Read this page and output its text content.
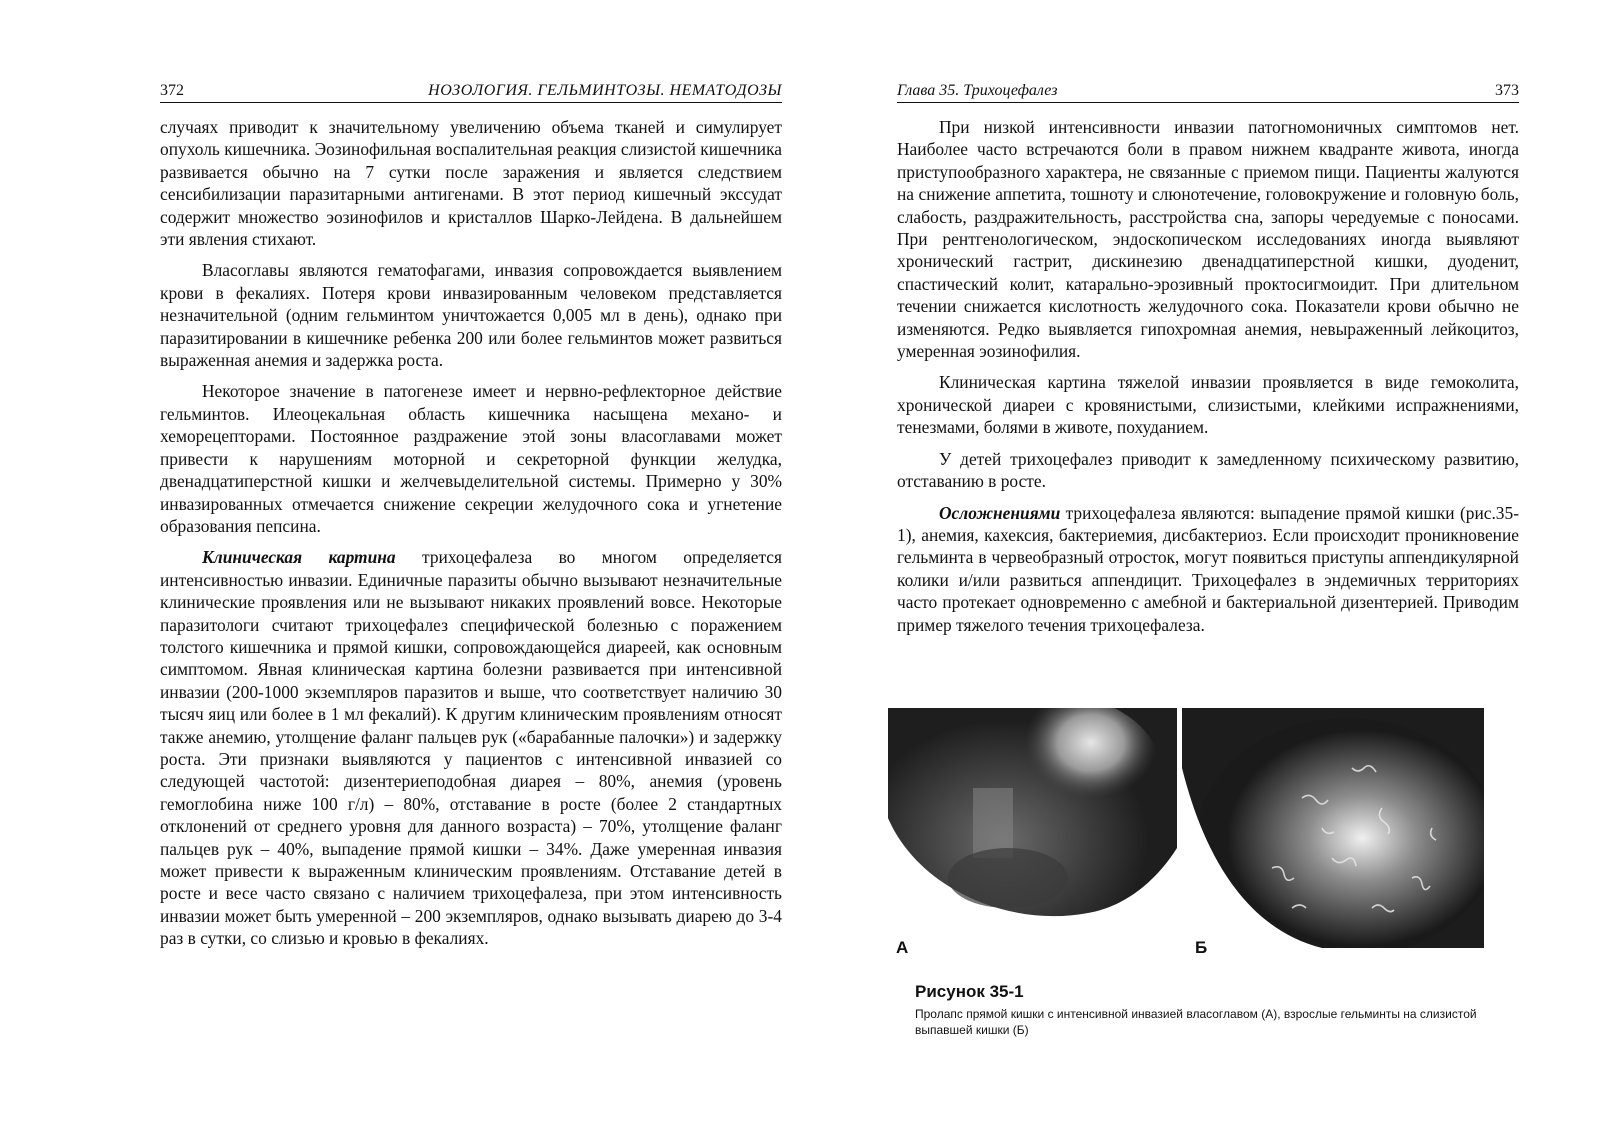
372	НОЗОЛОГИЯ. ГЕЛЬМИНТОЗЫ. НЕМАТОДОЗЫ

случаях приводит к значительному увеличению объема тканей и симулирует опухоль кишечника. Эозинофильная воспалительная реакция слизистой кишечника развивается обычно на 7 сутки после заражения и является следствием сенсибилизации паразитарными антигенами. В этот период кишечный экссудат содержит множество эозинофилов и кристаллов Шарко-Лейдена. В дальнейшем эти явления стихают.

Власоглавы являются гематофагами, инвазия сопровождается выявлением крови в фекалиях. Потеря крови инвазированным человеком представляется незначительной (одним гельминтом уничтожается 0,005 мл в день), однако при паразитировании в кишечнике ребенка 200 или более гельминтов может развиться выраженная анемия и задержка роста.

Некоторое значение в патогенезе имеет и нервно-рефлекторное действие гельминтов. Илеоцекальная область кишечника насыщена механо- и хеморецепторами. Постоянное раздражение этой зоны власоглавами может привести к нарушениям моторной и секреторной функции желудка, двенадцатиперстной кишки и желчевыделительной системы. Примерно у 30% инвазированных отмечается снижение секреции желудочного сока и угнетение образования пепсина.

Клиническая картина трихоцефалеза во многом определяется интенсивностью инвазии. Единичные паразиты обычно вызывают незначительные клинические проявления или не вызывают никаких проявлений вовсе. Некоторые паразитологи считают трихоцефалез специфической болезнью с поражением толстого кишечника и прямой кишки, сопровождающейся диареей, как основным симптомом. Явная клиническая картина болезни развивается при интенсивной инвазии (200-1000 экземпляров паразитов и выше, что соответствует наличию 30 тысяч яиц или более в 1 мл фекалий). К другим клиническим проявлениям относят также анемию, утолщение фаланг пальцев рук («барабанные палочки») и задержку роста. Эти признаки выявляются у пациентов с интенсивной инвазией со следующей частотой: дизентериеподобная диарея – 80%, анемия (уровень гемоглобина ниже 100 г/л) – 80%, отставание в росте (более 2 стандартных отклонений от среднего уровня для данного возраста) – 70%, утолщение фаланг пальцев рук – 40%, выпадение прямой кишки – 34%. Даже умеренная инвазия может привести к выраженным клиническим проявлениям. Отставание детей в росте и весе часто связано с наличием трихоцефалеза, при этом интенсивность инвазии может быть умеренной – 200 экземпляров, однако вызывать диарею до 3-4 раз в сутки, со слизью и кровью в фекалиях.

Глава 35. Трихоцефалез	373

При низкой интенсивности инвазии патогномоничных симптомов нет. Наиболее часто встречаются боли в правом нижнем квадранте живота, иногда приступообразного характера, не связанные с приемом пищи. Пациенты жалуются на снижение аппетита, тошноту и слюнотечение, головокружение и головную боль, слабость, раздражительность, расстройства сна, запоры чередуемые с поносами. При рентгенологическом, эндоскопическом исследованиях иногда выявляют хронический гастрит, дискинезию двенадцатиперстной кишки, дуоденит, спастический колит, катарально-эрозивный проктосигмоидит. При длительном течении снижается кислотность желудочного сока. Показатели крови обычно не изменяются. Редко выявляется гипохромная анемия, невыраженный лейкоцитоз, умеренная эозинофилия.

Клиническая картина тяжелой инвазии проявляется в виде гемоколита, хронической диареи с кровянистыми, слизистыми, клейкими испражнениями, тенезмами, болями в животе, похуданием.

У детей трихоцефалез приводит к замедленному психическому развитию, отставанию в росте.

Осложнениями трихоцефалеза являются: выпадение прямой кишки (рис.35-1), анемия, кахексия, бактериемия, дисбактериоз. Если происходит проникновение гельминта в червеобразный отросток, могут появиться приступы аппендикулярной колики и/или развиться аппендицит. Трихоцефалез в эндемичных территориях часто протекает одновременно с амебной и бактериальной дизентерией. Приводим пример тяжелого течения трихоцефалеза.

А	Б
Рисунок 35-1
Пролапс прямой кишки с интенсивной инвазией власоглавом (А), взрослые гельминты на слизистой выпавшей кишки (Б)
